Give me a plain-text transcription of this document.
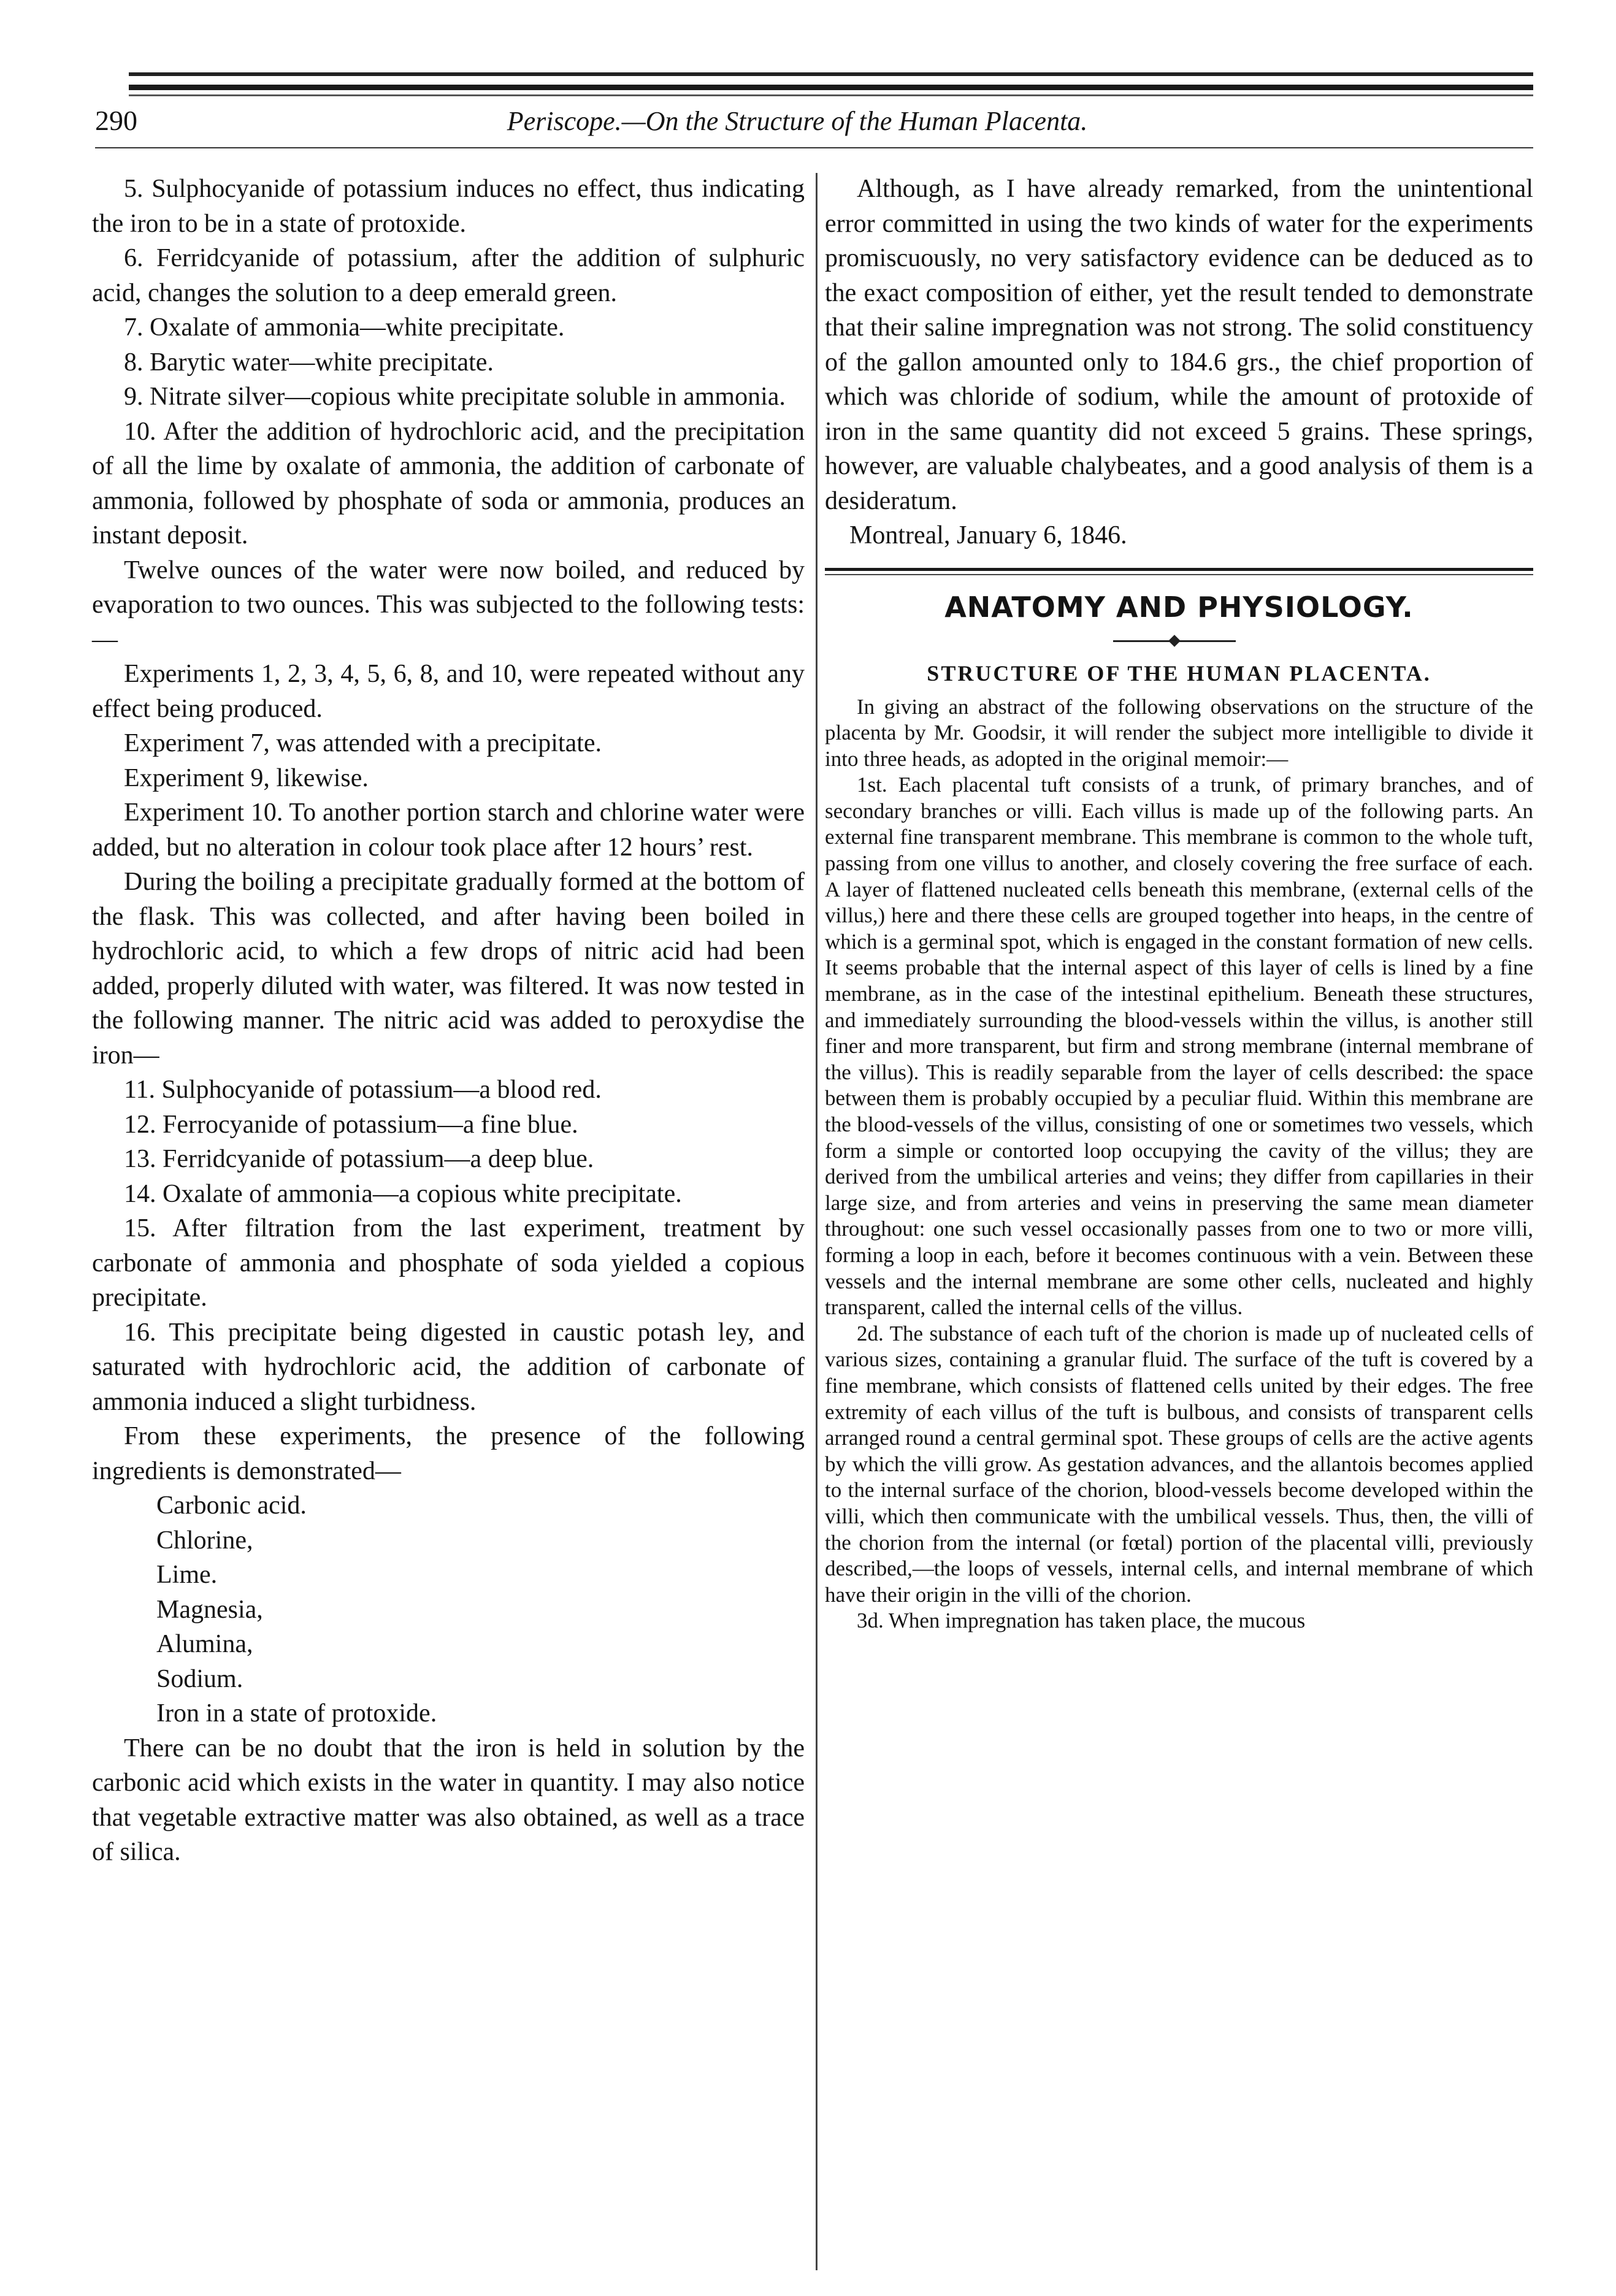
290	Periscope.—On the Structure of the Human Placenta.

5. Sulphocyanide of potassium induces no effect, thus indicating the iron to be in a state of protoxide.

6. Ferridcyanide of potassium, after the addition of sulphuric acid, changes the solution to a deep emerald green.

7. Oxalate of ammonia—white precipitate.

8. Barytic water—white precipitate.

9. Nitrate silver—copious white precipitate soluble in ammonia.

10. After the addition of hydrochloric acid, and the precipitation of all the lime by oxalate of ammonia, the addition of carbonate of ammonia, followed by phosphate of soda or ammonia, produces an instant deposit.

Twelve ounces of the water were now boiled, and reduced by evaporation to two ounces. This was subjected to the following tests:—

Experiments 1, 2, 3, 4, 5, 6, 8, and 10, were repeated without any effect being produced.

Experiment 7, was attended with a precipitate.

Experiment 9, likewise.

Experiment 10. To another portion starch and chlorine water were added, but no alteration in colour took place after 12 hours’ rest.

During the boiling a precipitate gradually formed at the bottom of the flask. This was collected, and after having been boiled in hydrochloric acid, to which a few drops of nitric acid had been added, properly diluted with water, was filtered. It was now tested in the following manner. The nitric acid was added to peroxydise the iron—

11. Sulphocyanide of potassium—a blood red.

12. Ferrocyanide of potassium—a fine blue.

13. Ferridcyanide of potassium—a deep blue.

14. Oxalate of ammonia—a copious white precipitate.

15. After filtration from the last experiment, treatment by carbonate of ammonia and phosphate of soda yielded a copious precipitate.

16. This precipitate being digested in caustic potash ley, and saturated with hydrochloric acid, the addition of carbonate of ammonia induced a slight turbidness.

From these experiments, the presence of the following ingredients is demonstrated—

Carbonic acid.

Chlorine,

Lime.

Magnesia,

Alumina,

Sodium.

Iron in a state of protoxide.

There can be no doubt that the iron is held in solution by the carbonic acid which exists in the water in quantity. I may also notice that vegetable extractive matter was also obtained, as well as a trace of silica.

Although, as I have already remarked, from the unintentional error committed in using the two kinds of water for the experiments promiscuously, no very satisfactory evidence can be deduced as to the exact composition of either, yet the result tended to demonstrate that their saline impregnation was not strong. The solid constituency of the gallon amounted only to 184.6 grs., the chief proportion of which was chloride of sodium, while the amount of protoxide of iron in the same quantity did not exceed 5 grains. These springs, however, are valuable chalybeates, and a good analysis of them is a desideratum.

Montreal, January 6, 1846.

ANATOMY AND PHYSIOLOGY.
STRUCTURE OF THE HUMAN PLACENTA.

In giving an abstract of the following observations on the structure of the placenta by Mr. Goodsir, it will render the subject more intelligible to divide it into three heads, as adopted in the original memoir:—

1st. Each placental tuft consists of a trunk, of primary branches, and of secondary branches or villi. Each villus is made up of the following parts. An external fine transparent membrane. This membrane is common to the whole tuft, passing from one villus to another, and closely covering the free surface of each. A layer of flattened nucleated cells beneath this membrane, (external cells of the villus,) here and there these cells are grouped together into heaps, in the centre of which is a germinal spot, which is engaged in the constant formation of new cells. It seems probable that the internal aspect of this layer of cells is lined by a fine membrane, as in the case of the intestinal epithelium. Beneath these structures, and immediately surrounding the blood-vessels within the villus, is another still finer and more transparent, but firm and strong membrane (internal membrane of the villus). This is readily separable from the layer of cells described: the space between them is probably occupied by a peculiar fluid. Within this membrane are the blood-vessels of the villus, consisting of one or sometimes two vessels, which form a simple or contorted loop occupying the cavity of the villus; they are derived from the umbilical arteries and veins; they differ from capillaries in their large size, and from arteries and veins in preserving the same mean diameter throughout: one such vessel occasionally passes from one to two or more villi, forming a loop in each, before it becomes continuous with a vein. Between these vessels and the internal membrane are some other cells, nucleated and highly transparent, called the internal cells of the villus.

2d. The substance of each tuft of the chorion is made up of nucleated cells of various sizes, containing a granular fluid. The surface of the tuft is covered by a fine membrane, which consists of flattened cells united by their edges. The free extremity of each villus of the tuft is bulbous, and consists of transparent cells arranged round a central germinal spot. These groups of cells are the active agents by which the villi grow. As gestation advances, and the allantois becomes applied to the internal surface of the chorion, blood-vessels become developed within the villi, which then communicate with the umbilical vessels. Thus, then, the villi of the chorion from the internal (or fœtal) portion of the placental villi, previously described,—the loops of vessels, internal cells, and internal membrane of which have their origin in the villi of the chorion.

3d. When impregnation has taken place, the mucous
